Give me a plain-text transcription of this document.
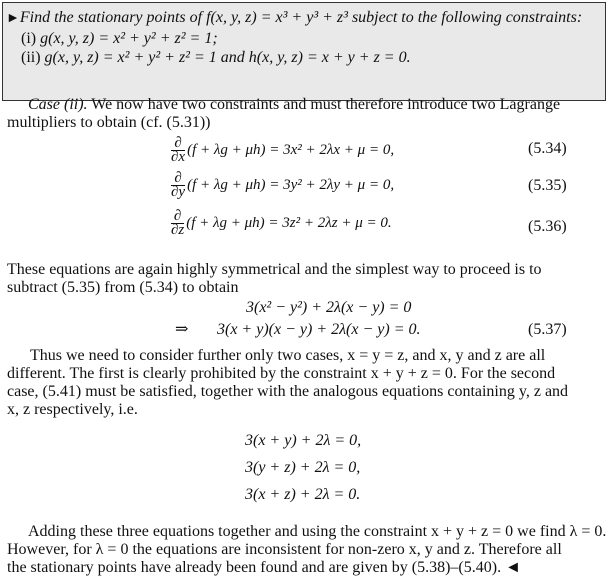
►Find the stationary points of f(x, y, z) = x³ + y³ + z³ subject to the following constraints:
(i) g(x, y, z) = x² + y² + z² = 1;
(ii) g(x, y, z) = x² + y² + z² = 1 and h(x, y, z) = x + y + z = 0.
Case (ii). We now have two constraints and must therefore introduce two Lagrange
multipliers to obtain (cf. (5.31))
$\frac{\partial}{\partial x} (f + \lambda g + \mu h) = 3x^2 + 2\lambda x + \mu = 0$,	(5.34)
$\frac{\partial}{\partial y} (f + \lambda g + \mu h) = 3y^2 + 2\lambda y + \mu = 0$,	(5.35)
$\frac{\partial}{\partial z} (f + \lambda g + \mu h) = 3z^2 + 2\lambda z + \mu = 0$.	(5.36)
These equations are again highly symmetrical and the simplest way to proceed is to
subtract (5.35) from (5.34) to obtain
3(x² − y²) + 2λ(x − y) = 0
⇒ 3(x + y)(x − y) + 2λ(x − y) = 0.	(5.37)
Thus we need to consider further only two cases, x = y = z, and x, y and z are all
different. The first is clearly prohibited by the constraint x + y + z = 0. For the second
case, (5.41) must be satisfied, together with the analogous equations containing y, z and
x, z respectively, i.e.
3(x + y) + 2λ = 0,
3(y + z) + 2λ = 0,
3(x + z) + 2λ = 0.
Adding these three equations together and using the constraint x + y + z = 0 we find λ = 0.
However, for λ = 0 the equations are inconsistent for non-zero x, y and z. Therefore all
the stationary points have already been found and are given by (5.38)–(5.40). ◄
